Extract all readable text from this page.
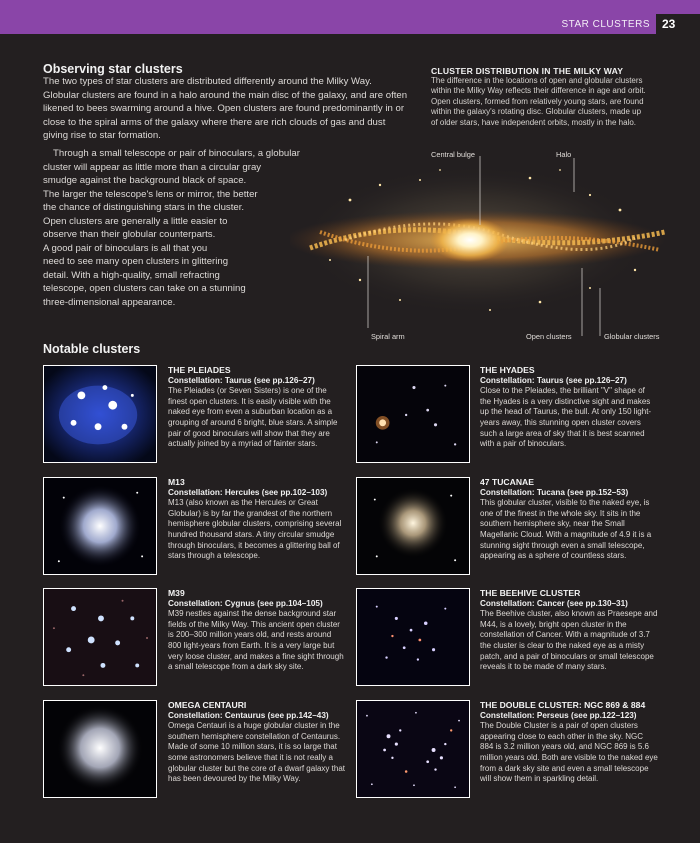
STAR CLUSTERS	23
Observing star clusters

The two types of star clusters are distributed differently around the Milky Way. Globular clusters are found in a halo around the main disc of the galaxy, and are often likened to bees swarming around a hive. Open clusters are found predominantly in or close to the spiral arms of the galaxy where there are rich clouds of gas and dust giving rise to star formation.

Through a small telescope or pair of binoculars, a globular
cluster will appear as little more than a circular gray
smudge against the background black of space.
The larger the telescope's lens or mirror, the better
the chance of distinguishing stars in the cluster.
Open clusters are generally a little easier to
observe than their globular counterparts.
A good pair of binoculars is all that you
need to see many open clusters in glittering
detail. With a high-quality, small refracting
telescope, open clusters can take on a stunning
three-dimensional appearance.
CLUSTER DISTRIBUTION IN THE MILKY WAY
The difference in the locations of open and globular clusters
within the Milky Way reflects their difference in age and orbit.
Open clusters, formed from relatively young stars, are found
within the galaxy's rotating disc. Globular clusters, made up
of older stars, have independent orbits, mostly in the halo.
Central bulge	Halo
Spiral arm	Open clusters	Globular clusters
Notable clusters
THE PLEIADES
Constellation: Taurus (see pp.126–27)
The Pleiades (or Seven Sisters) is one of the finest open clusters. It is easily visible with the naked eye from even a suburban location as a grouping of around 6 bright, blue stars. A simple pair of good binoculars will show that they are actually joined by a myriad of fainter stars.
THE HYADES
Constellation: Taurus (see pp.126–27)
Close to the Pleiades, the brilliant "V" shape of the Hyades is a very distinctive sight and makes up the head of Taurus, the bull. At only 150 light-years away, this stunning open cluster covers such a large area of sky that it is best scanned with a pair of binoculars.
M13
Constellation: Hercules (see pp.102–103)
M13 (also known as the Hercules or Great Globular) is by far the grandest of the northern hemisphere globular clusters, comprising several hundred thousand stars. A tiny circular smudge through binoculars, it becomes a glittering ball of stars through a telescope.
47 TUCANAE
Constellation: Tucana (see pp.152–53)
This globular cluster, visible to the naked eye, is one of the finest in the whole sky. It sits in the southern hemisphere sky, near the Small Magellanic Cloud. With a magnitude of 4.9 it is a stunning sight through even a small telescope, appearing as a sphere of countless stars.
M39
Constellation: Cygnus (see pp.104–105)
M39 nestles against the dense background star fields of the Milky Way. This ancient open cluster is 200–300 million years old, and rests around 800 light-years from Earth. It is a very large but very loose cluster, and makes a fine sight through a small telescope from a dark sky site.
THE BEEHIVE CLUSTER
Constellation: Cancer (see pp.130–31)
The Beehive cluster, also known as Praesepe and M44, is a lovely, bright open cluster in the constellation of Cancer. With a magnitude of 3.7 the cluster is clear to the naked eye as a misty patch, and a pair of binoculars or small telescope reveals it to be made of many stars.
OMEGA CENTAURI
Constellation: Centaurus (see pp.142–43)
Omega Centauri is a huge globular cluster in the southern hemisphere constellation of Centaurus. Made of some 10 million stars, it is so large that some astronomers believe that it is not really a globular cluster but the core of a dwarf galaxy that has been devoured by the Milky Way.
THE DOUBLE CLUSTER: NGC 869 & 884
Constellation: Perseus (see pp.122–123)
The Double Cluster is a pair of open clusters appearing close to each other in the sky. NGC 884 is 3.2 million years old, and NGC 869 is 5.6 million years old. Both are visible to the naked eye from a dark sky site and even a small telescope will show them in sparkling detail.
